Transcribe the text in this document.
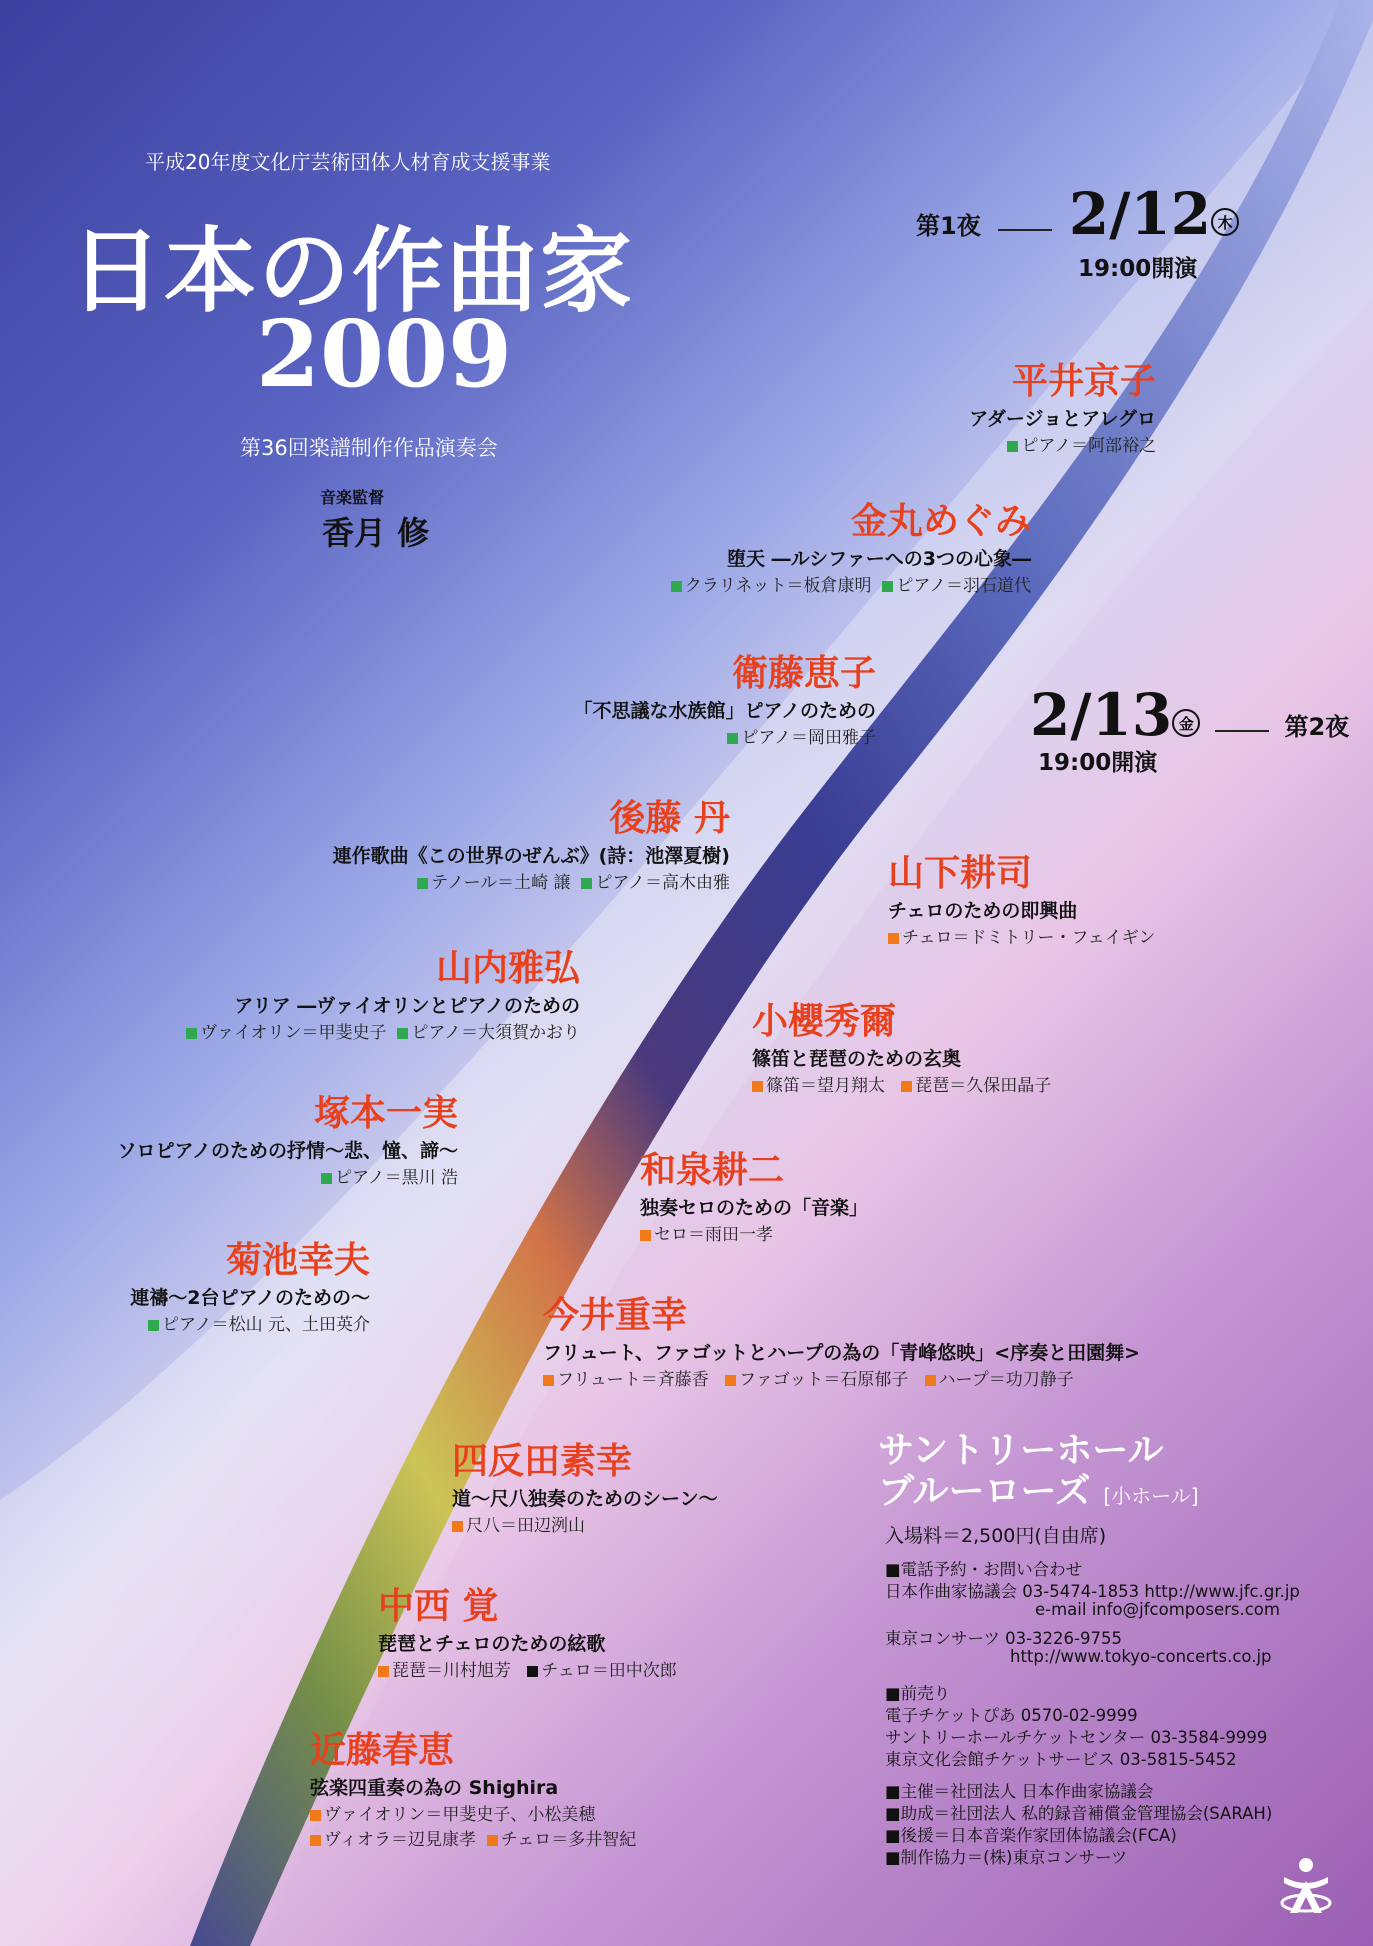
平成20年度文化庁芸術団体人材育成支援事業
日本の作曲家
2009
第36回楽譜制作作品演奏会
音楽監督
香月 修
第1夜 2/12 木
19:00開演
2/13 金	第2夜
19:00開演
平井京子
アダージョとアレグロ
ピアノ＝阿部裕之
金丸めぐみ
堕天 ―ルシファーへの3つの心象―
クラリネット＝板倉康明 ピアノ＝羽石道代
衛藤恵子
「不思議な水族館」ピアノのための
ピアノ＝岡田雅子
後藤 丹
連作歌曲《この世界のぜんぶ》(詩：池澤夏樹)
テノール＝土崎 譲 ピアノ＝高木由雅
山内雅弘
アリア ―ヴァイオリンとピアノのための
ヴァイオリン＝甲斐史子 ピアノ＝大須賀かおり
塚本一実
ソロピアノのための抒情～悲、憧、諦～
ピアノ＝黒川 浩
菊池幸夫
連禱～2台ピアノのための～
ピアノ＝松山 元、土田英介
山下耕司
チェロのための即興曲
チェロ＝ドミトリー・フェイギン
小櫻秀爾
篠笛と琵琶のための玄奥
篠笛＝望月翔太 琵琶＝久保田晶子
和泉耕二
独奏セロのための「音楽」
セロ＝雨田一孝
今井重幸
フリュート、ファゴットとハープの為の「青峰悠映」<序奏と田園舞>
フリュート＝斉藤香 ファゴット＝石原郁子 ハープ＝功刀静子
四反田素幸
道～尺八独奏のためのシーン～
尺八＝田辺洌山
中西 覚
琵琶とチェロのための絃歌
琵琶＝川村旭芳 チェロ＝田中次郎
近藤春恵
弦楽四重奏の為の Shighira
ヴァイオリン＝甲斐史子、小松美穂
ヴィオラ＝辺見康孝 チェロ＝多井智紀
サントリーホール
ブルーローズ [小ホール]
入場料＝2,500円(自由席)
■電話予約・お問い合わせ
日本作曲家協議会 03-5474-1853 http://www.jfc.gr.jp
e-mail info@jfcomposers.com
東京コンサーツ 03-3226-9755
http://www.tokyo-concerts.co.jp
■前売り
電子チケットぴあ 0570-02-9999
サントリーホールチケットセンター 03-3584-9999
東京文化会館チケットサービス 03-5815-5452
■主催＝社団法人 日本作曲家協議会
■助成＝社団法人 私的録音補償金管理協会(SARAH)
■後援＝日本音楽作家団体協議会(FCA)
■制作協力＝(株)東京コンサーツ
